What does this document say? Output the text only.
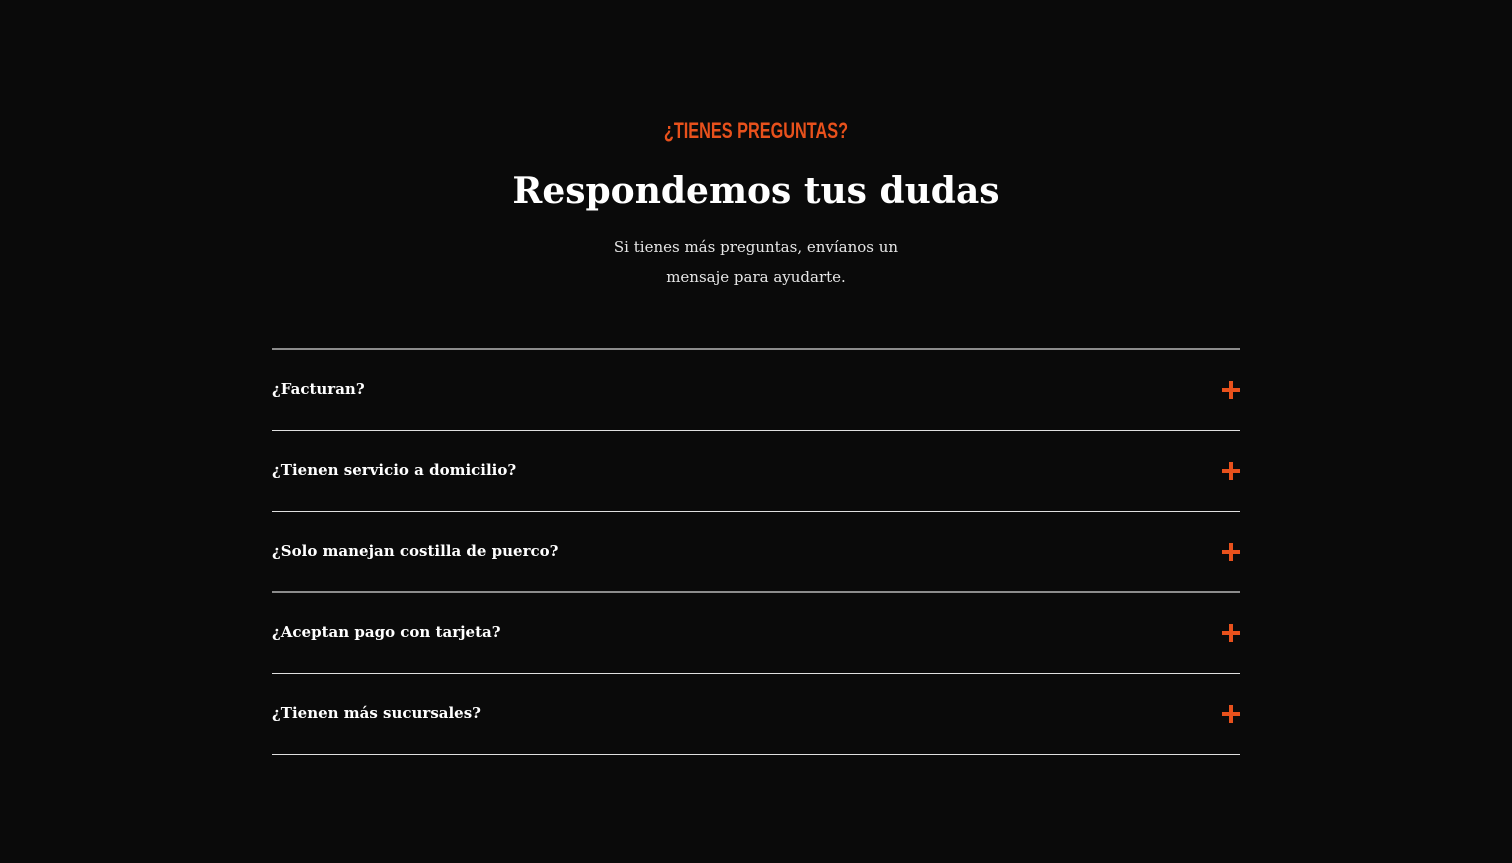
¿TIENES PREGUNTAS?
Respondemos tus dudas

Si tienes más preguntas, envíanos un mensaje para ayudarte.

¿Facturan?
¿Tienen servicio a domicilio?
¿Solo manejan costilla de puerco?
¿Aceptan pago con tarjeta?
¿Tienen más sucursales?
